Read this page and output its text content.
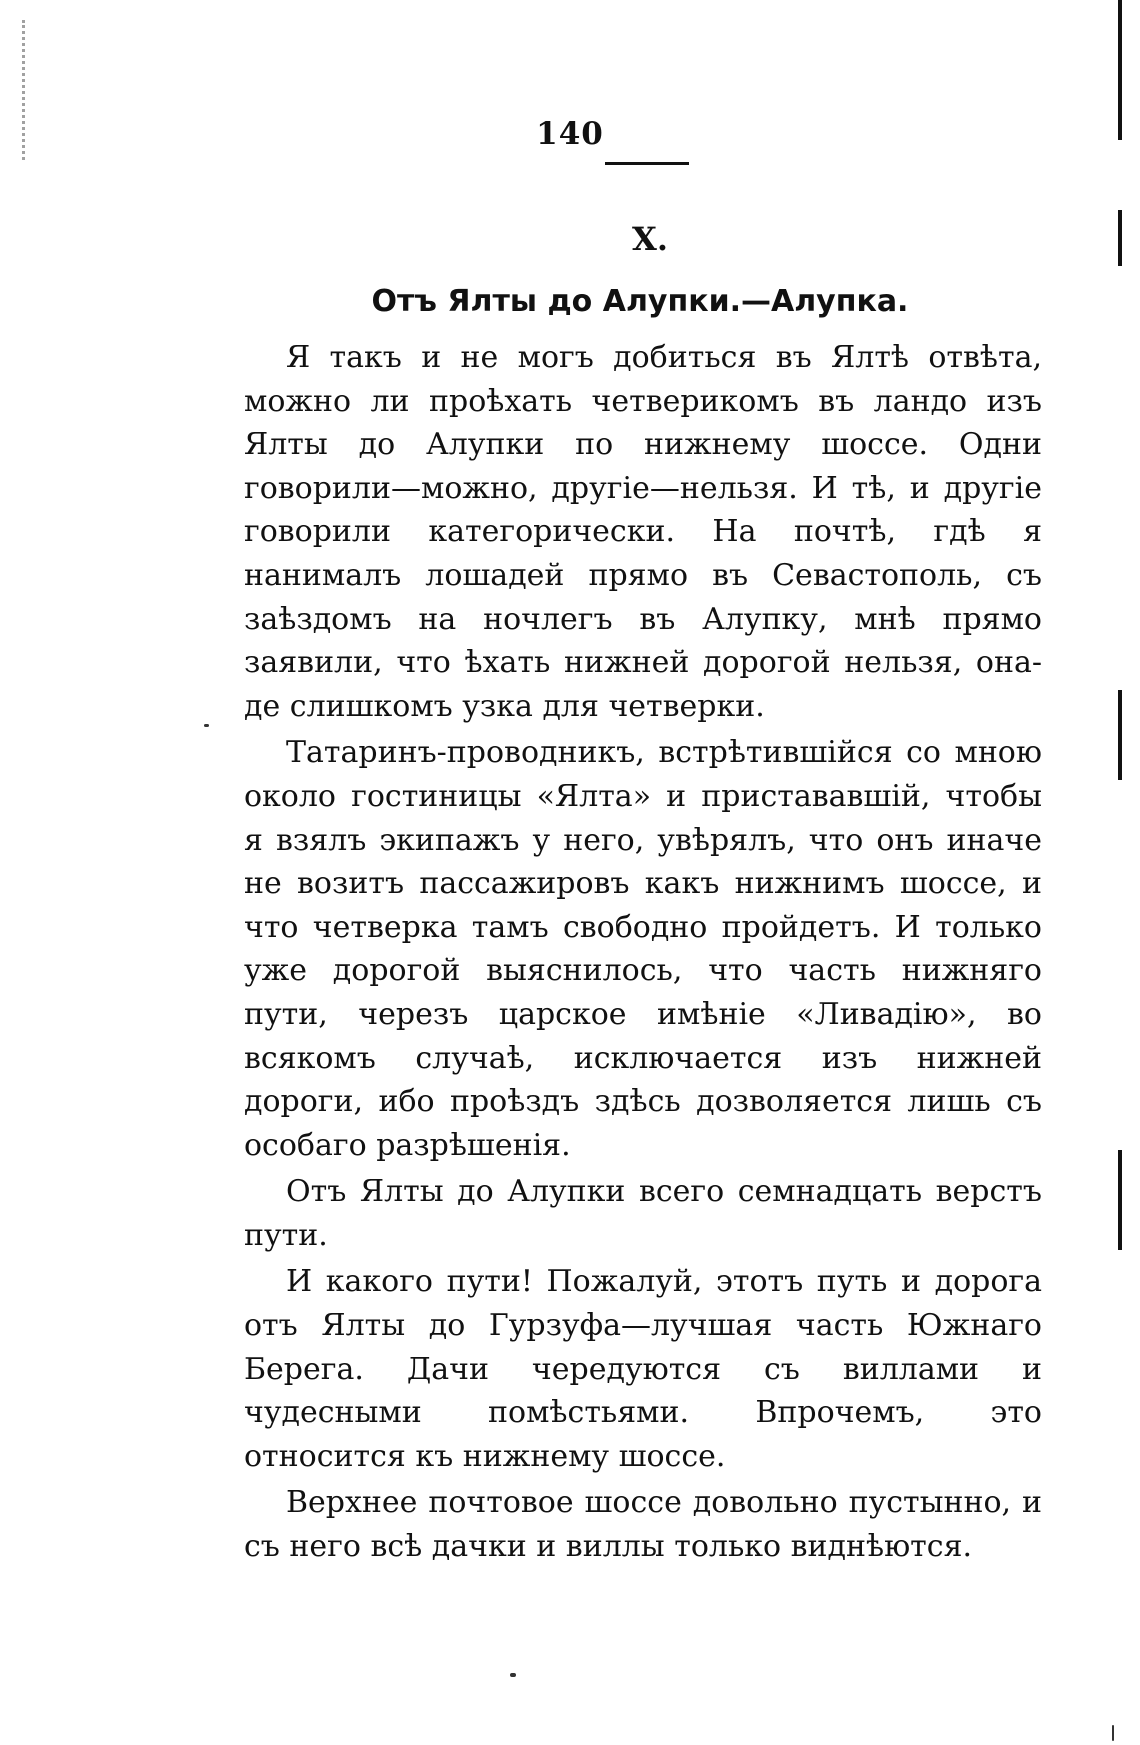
140
X.
Отъ Ялты до Алупки.—Алупка.

Я такъ и не могъ добиться въ Ялтѣ отвѣта, можно ли проѣхать четверикомъ въ ландо изъ Ялты до Алупки по нижнему шоссе. Одни говорили—можно, другіе—нельзя. И тѣ, и другіе говорили категорически. На почтѣ, гдѣ я нанималъ лошадей прямо въ Севастополь, съ заѣздомъ на ночлегъ въ Алупку, мнѣ прямо заявили, что ѣхать нижней дорогой нельзя, она-де слишкомъ узка для четверки.

Татаринъ-проводникъ, встрѣтившійся со мною около гостиницы «Ялта» и пристававшій, чтобы я взялъ экипажъ у него, увѣрялъ, что онъ иначе не возитъ пассажировъ какъ нижнимъ шоссе, и что четверка тамъ свободно пройдетъ. И только уже дорогой выяснилось, что часть нижняго пути, черезъ царское имѣніе «Ливадію», во всякомъ случаѣ, исключается изъ нижней дороги, ибо проѣздъ здѣсь дозволяется лишь съ особаго разрѣшенія.

Отъ Ялты до Алупки всего семнадцать верстъ пути.

И какого пути! Пожалуй, этотъ путь и дорога отъ Ялты до Гурзуфа—лучшая часть Южнаго Берега. Дачи чередуются съ виллами и чудесными помѣстьями. Впрочемъ, это относится къ нижнему шоссе.

Верхнее почтовое шоссе довольно пустынно, и съ него всѣ дачки и виллы только виднѣются.
